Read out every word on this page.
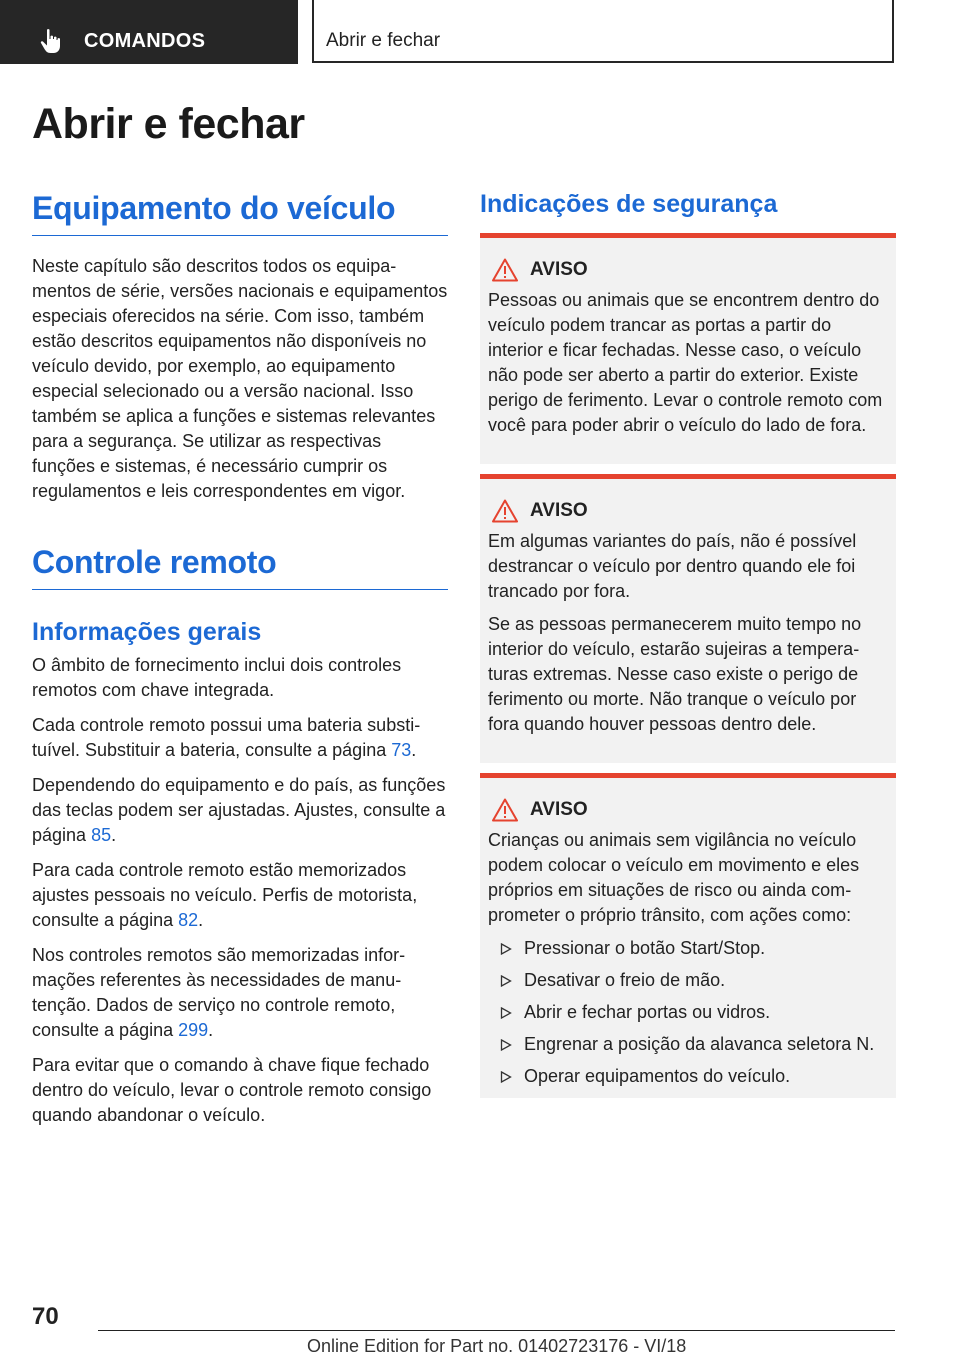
COMANDOS	Abrir e fechar
Abrir e fechar
Equipamento do veículo

Neste capítulo são descritos todos os equipamentos de série, versões nacionais e equipamentos especiais oferecidos na série. Com isso, também estão descritos equipamentos não disponíveis no veículo devido, por exemplo, ao equipamento especial selecionado ou a versão nacional. Isso também se aplica a funções e sistemas relevantes para a segurança. Se utilizar as respectivas funções e sistemas, é necessário cumprir os regulamentos e leis correspondentes em vigor.

Controle remoto
Informações gerais

O âmbito de fornecimento inclui dois controles remotos com chave integrada.

Cada controle remoto possui uma bateria substituível. Substituir a bateria, consulte a página 73.

Dependendo do equipamento e do país, as funções das teclas podem ser ajustadas. Ajustes, consulte a página 85.

Para cada controle remoto estão memorizados ajustes pessoais no veículo. Perfis de motorista, consulte a página 82.

Nos controles remotos são memorizadas informações referentes às necessidades de manutenção. Dados de serviço no controle remoto, consulte a página 299.

Para evitar que o comando à chave fique fechado dentro do veículo, levar o controle remoto consigo quando abandonar o veículo.

Indicações de segurança
AVISO

Pessoas ou animais que se encontrem dentro do veículo podem trancar as portas a partir do interior e ficar fechadas. Nesse caso, o veículo não pode ser aberto a partir do exterior. Existe perigo de ferimento. Levar o controle remoto com você para poder abrir o veículo do lado de fora.

AVISO

Em algumas variantes do país, não é possível destrancar o veículo por dentro quando ele foi trancado por fora.

Se as pessoas permanecerem muito tempo no interior do veículo, estarão sujeiras a temperaturas extremas. Nesse caso existe o perigo de ferimento ou morte. Não tranque o veículo por fora quando houver pessoas dentro dele.

AVISO

Crianças ou animais sem vigilância no veículo podem colocar o veículo em movimento e eles próprios em situações de risco ou ainda comprometer o próprio trânsito, com ações como:

Pressionar o botão Start/Stop.
Desativar o freio de mão.
Abrir e fechar portas ou vidros.
Engrenar a posição da alavanca seletora N.
Operar equipamentos do veículo.
70
Online Edition for Part no. 01402723176 - VI/18
